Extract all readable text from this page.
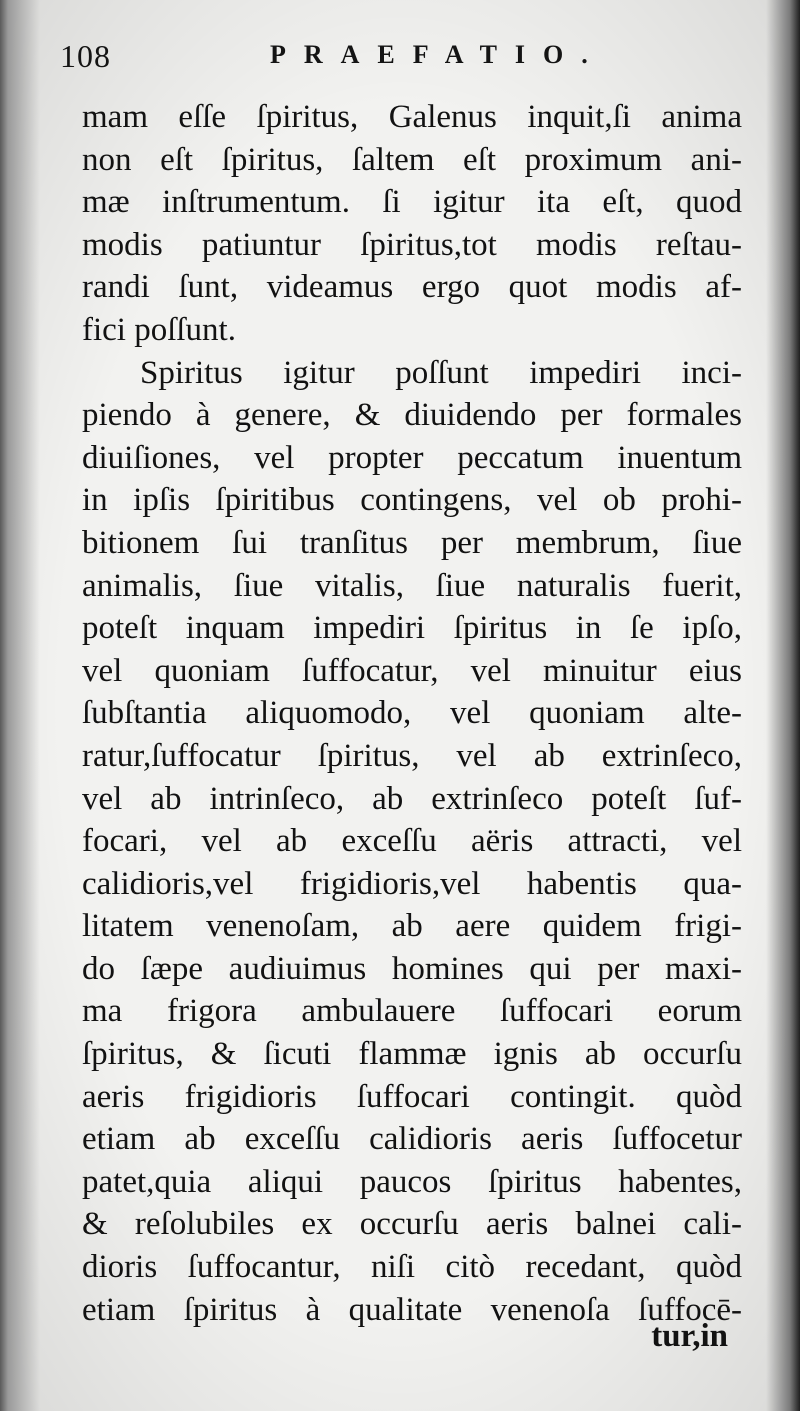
108	PRAEFATIO.
mam eſſe ſpiritus, Galenus inquit,ſi anima
non eſt ſpiritus, ſaltem eſt proximum ani-
mæ inſtrumentum. ſi igitur ita eſt, quod
modis patiuntur ſpiritus,tot modis reſtau-
randi ſunt, videamus ergo quot modis af-
fici poſſunt.
Spiritus igitur poſſunt impediri inci-
piendo à genere, & diuidendo per formales
diuiſiones, vel propter peccatum inuentum
in ipſis ſpiritibus contingens, vel ob prohi-
bitionem ſui tranſitus per membrum, ſiue
animalis, ſiue vitalis, ſiue naturalis fuerit,
poteſt inquam impediri ſpiritus in ſe ipſo,
vel quoniam ſuffocatur, vel minuitur eius
ſubſtantia aliquomodo, vel quoniam alte-
ratur,ſuffocatur ſpiritus, vel ab extrinſeco,
vel ab intrinſeco, ab extrinſeco poteſt ſuf-
focari, vel ab exceſſu aëris attracti, vel
calidioris,vel frigidioris,vel habentis qua-
litatem venenoſam, ab aere quidem frigi-
do ſæpe audiuimus homines qui per maxi-
ma frigora ambulauere ſuffocari eorum
ſpiritus, & ſicuti flammæ ignis ab occurſu
aeris frigidioris ſuffocari contingit. quòd
etiam ab exceſſu calidioris aeris ſuffocetur
patet,quia aliqui paucos ſpiritus habentes,
& reſolubiles ex occurſu aeris balnei cali-
dioris ſuffocantur, niſi citò recedant, quòd
etiam ſpiritus à qualitate venenoſa ſuffocē-
tur,in
